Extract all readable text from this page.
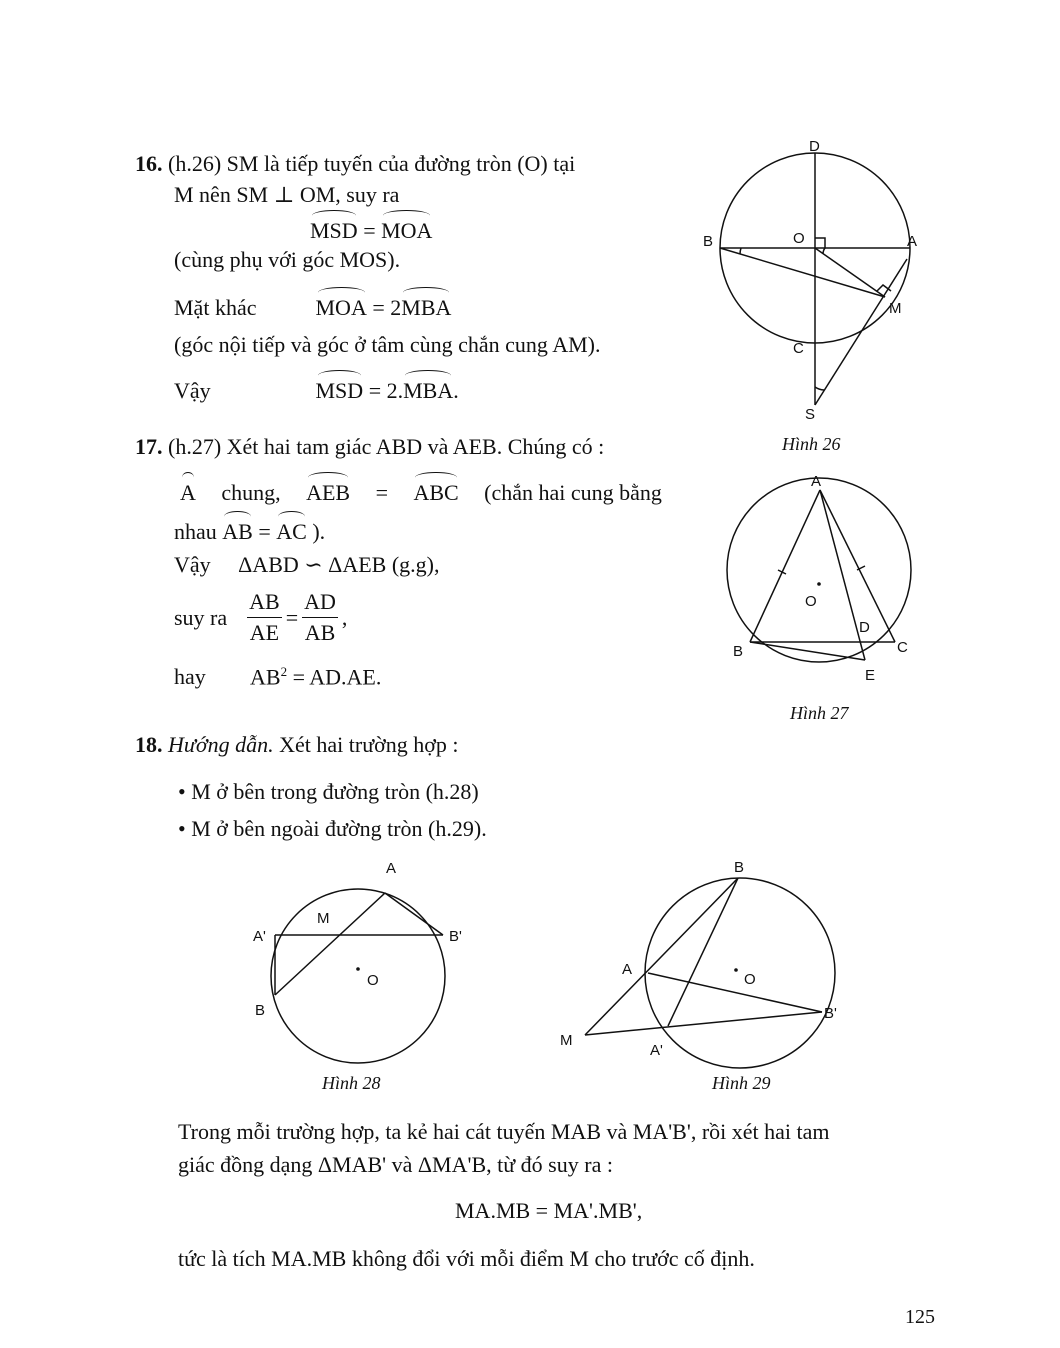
16. (h.26) SM là tiếp tuyến của đường tròn (O) tại
M nên SM ⊥ OM, suy ra
MSD = MOA
(cùng phụ với góc MOS).
Mặt khác	MOA = 2MBA
(góc nội tiếp và góc ở tâm cùng chắn cung AM).
Vậy	MSD = 2.MBA.
D
O
B	A
M
C
S
Hình 26
17. (h.27) Xét hai tam giác ABD và AEB. Chúng có :
A chung, AEB = ABC (chắn hai cung bằng
nhau AB = AC ).
Vậy     ΔABD ∽ ΔAEB (g.g),
suy ra $\frac{AB}{AE} = \frac{AD}{AB}$ ,
hay $AB^2 = AD.AE$.
A
O
D
B	C
E
Hình 27
18. Hướng dẫn. Xét hai trường hợp :
• M ở bên trong đường tròn (h.28)
• M ở bên ngoài đường tròn (h.29).
A
M
A'	B'
O
B
Hình 28
B
A
O
B'
M
A'
Hình 29
Trong mỗi trường hợp, ta kẻ hai cát tuyến MAB và MA'B', rồi xét hai tam
giác đồng dạng ΔMAB' và ΔMA'B, từ đó suy ra :
MA.MB = MA'.MB',
tức là tích MA.MB không đổi với mỗi điểm M cho trước cố định.
125
